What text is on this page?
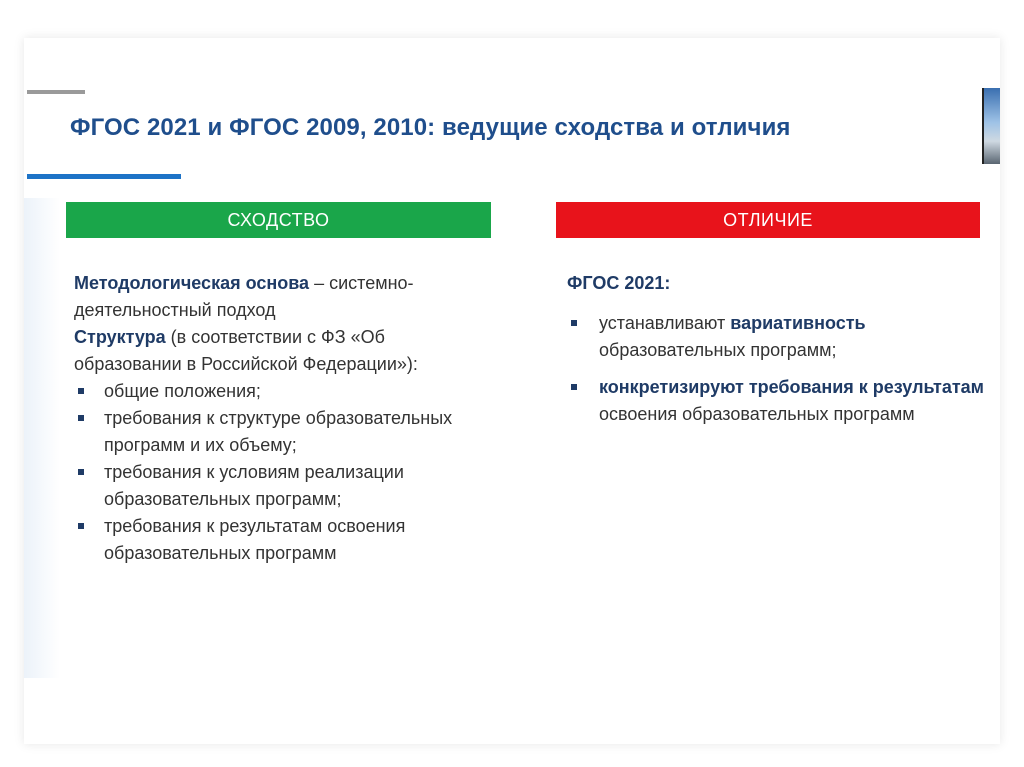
ФГОС 2021 и ФГОС 2009, 2010: ведущие сходства и отличия
СХОДСТВО	ОТЛИЧИЕ

Методологическая основа – системно-деятельностный подход

Структура (в соответствии с ФЗ «Об образовании в Российской Федерации»):

общие положения;
требования к структуре образовательных программ и их объему;
требования к условиям реализации образовательных программ;
требования к результатам освоения образовательных программ

ФГОС 2021:

устанавливают вариативность образовательных программ;
конкретизируют требования к результатам освоения образовательных программ
